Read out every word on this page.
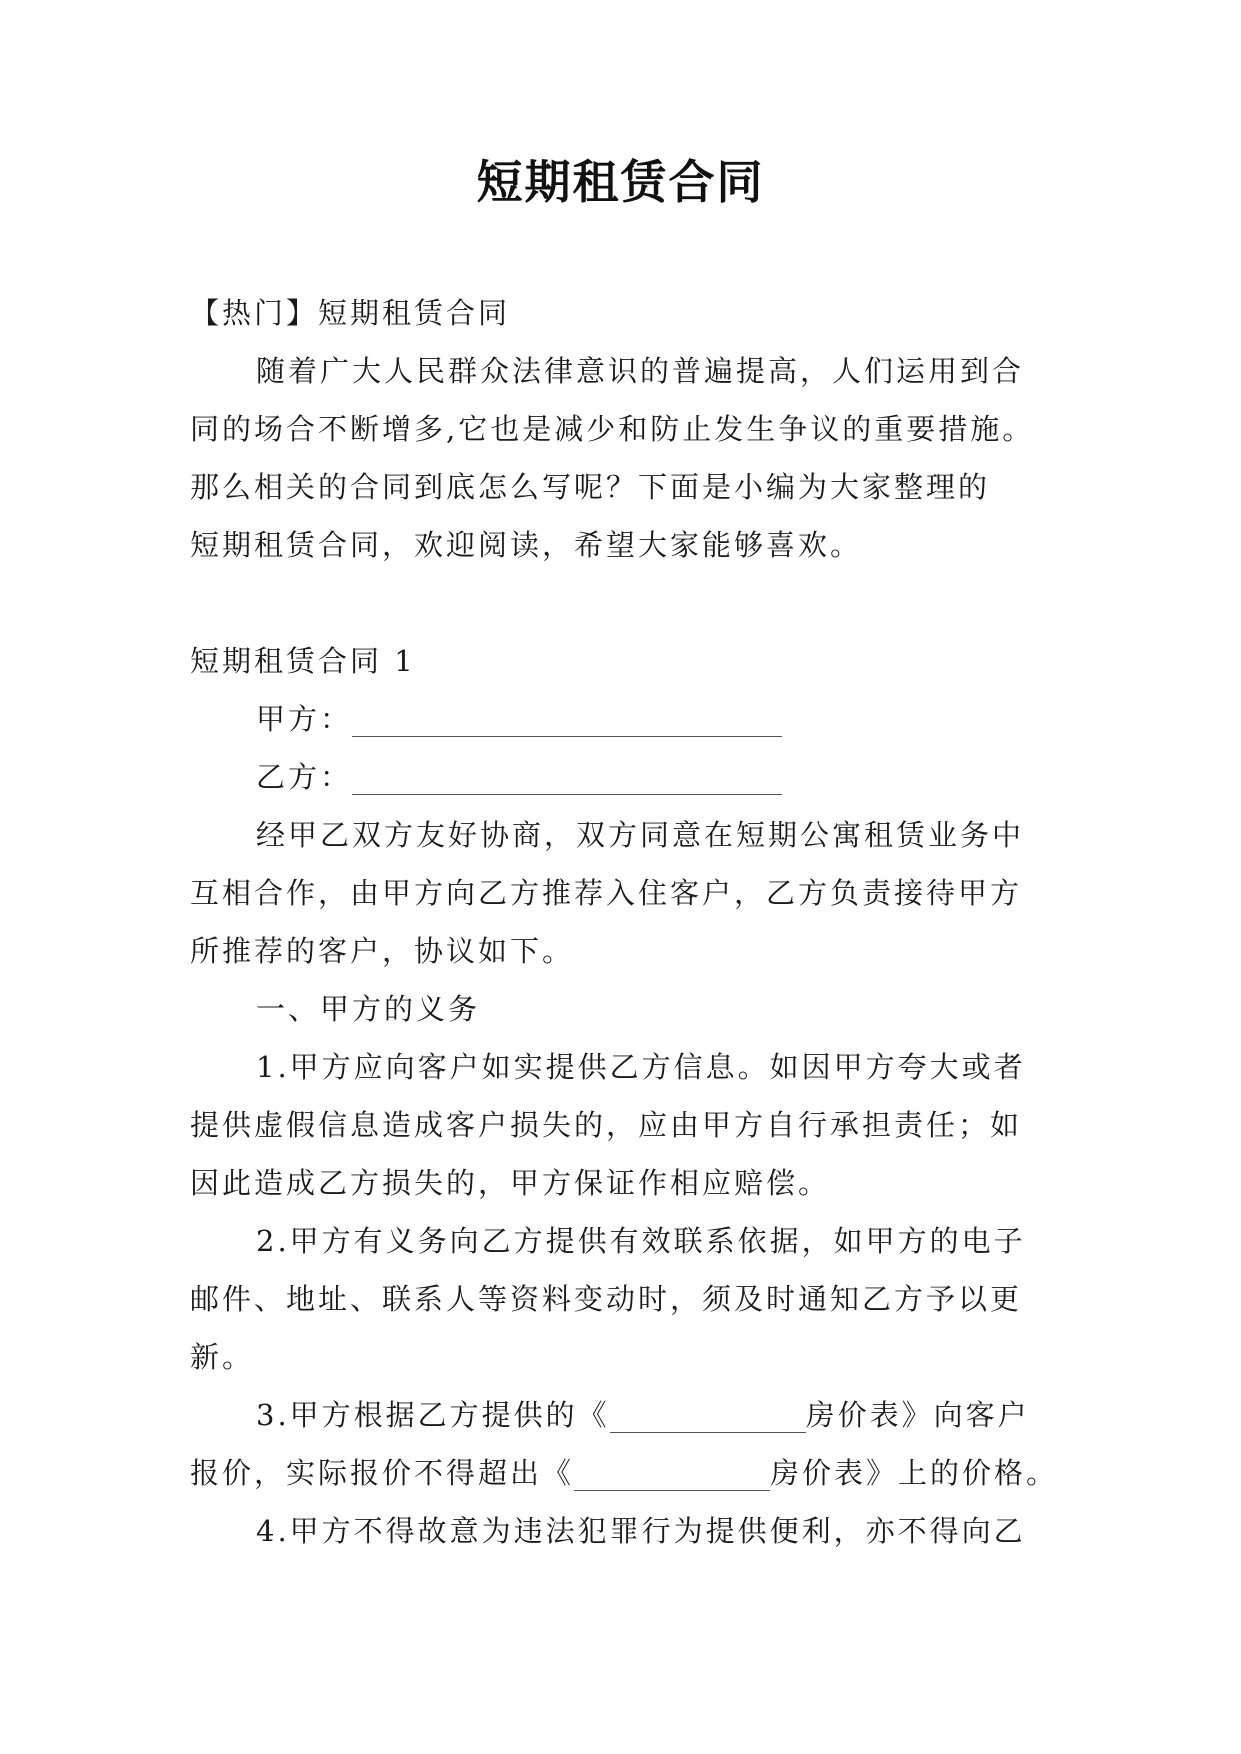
短期租赁合同
【热门】短期租赁合同
随着广大人民群众法律意识的普遍提高，人们运用到合
同的场合不断增多,它也是减少和防止发生争议的重要措施。
那么相关的合同到底怎么写呢？下面是小编为大家整理的
短期租赁合同，欢迎阅读，希望大家能够喜欢。
短期租赁合同 1
甲方：
乙方：
经甲乙双方友好协商，双方同意在短期公寓租赁业务中
互相合作，由甲方向乙方推荐入住客户，乙方负责接待甲方
所推荐的客户，协议如下。
一、甲方的义务
1.甲方应向客户如实提供乙方信息。如因甲方夸大或者
提供虚假信息造成客户损失的，应由甲方自行承担责任；如
因此造成乙方损失的，甲方保证作相应赔偿。
2.甲方有义务向乙方提供有效联系依据，如甲方的电子
邮件、地址、联系人等资料变动时，须及时通知乙方予以更
新。
3.甲方根据乙方提供的《	房价表》向客户
报价，实际报价不得超出《	房价表》上的价格。
4.甲方不得故意为违法犯罪行为提供便利，亦不得向乙
